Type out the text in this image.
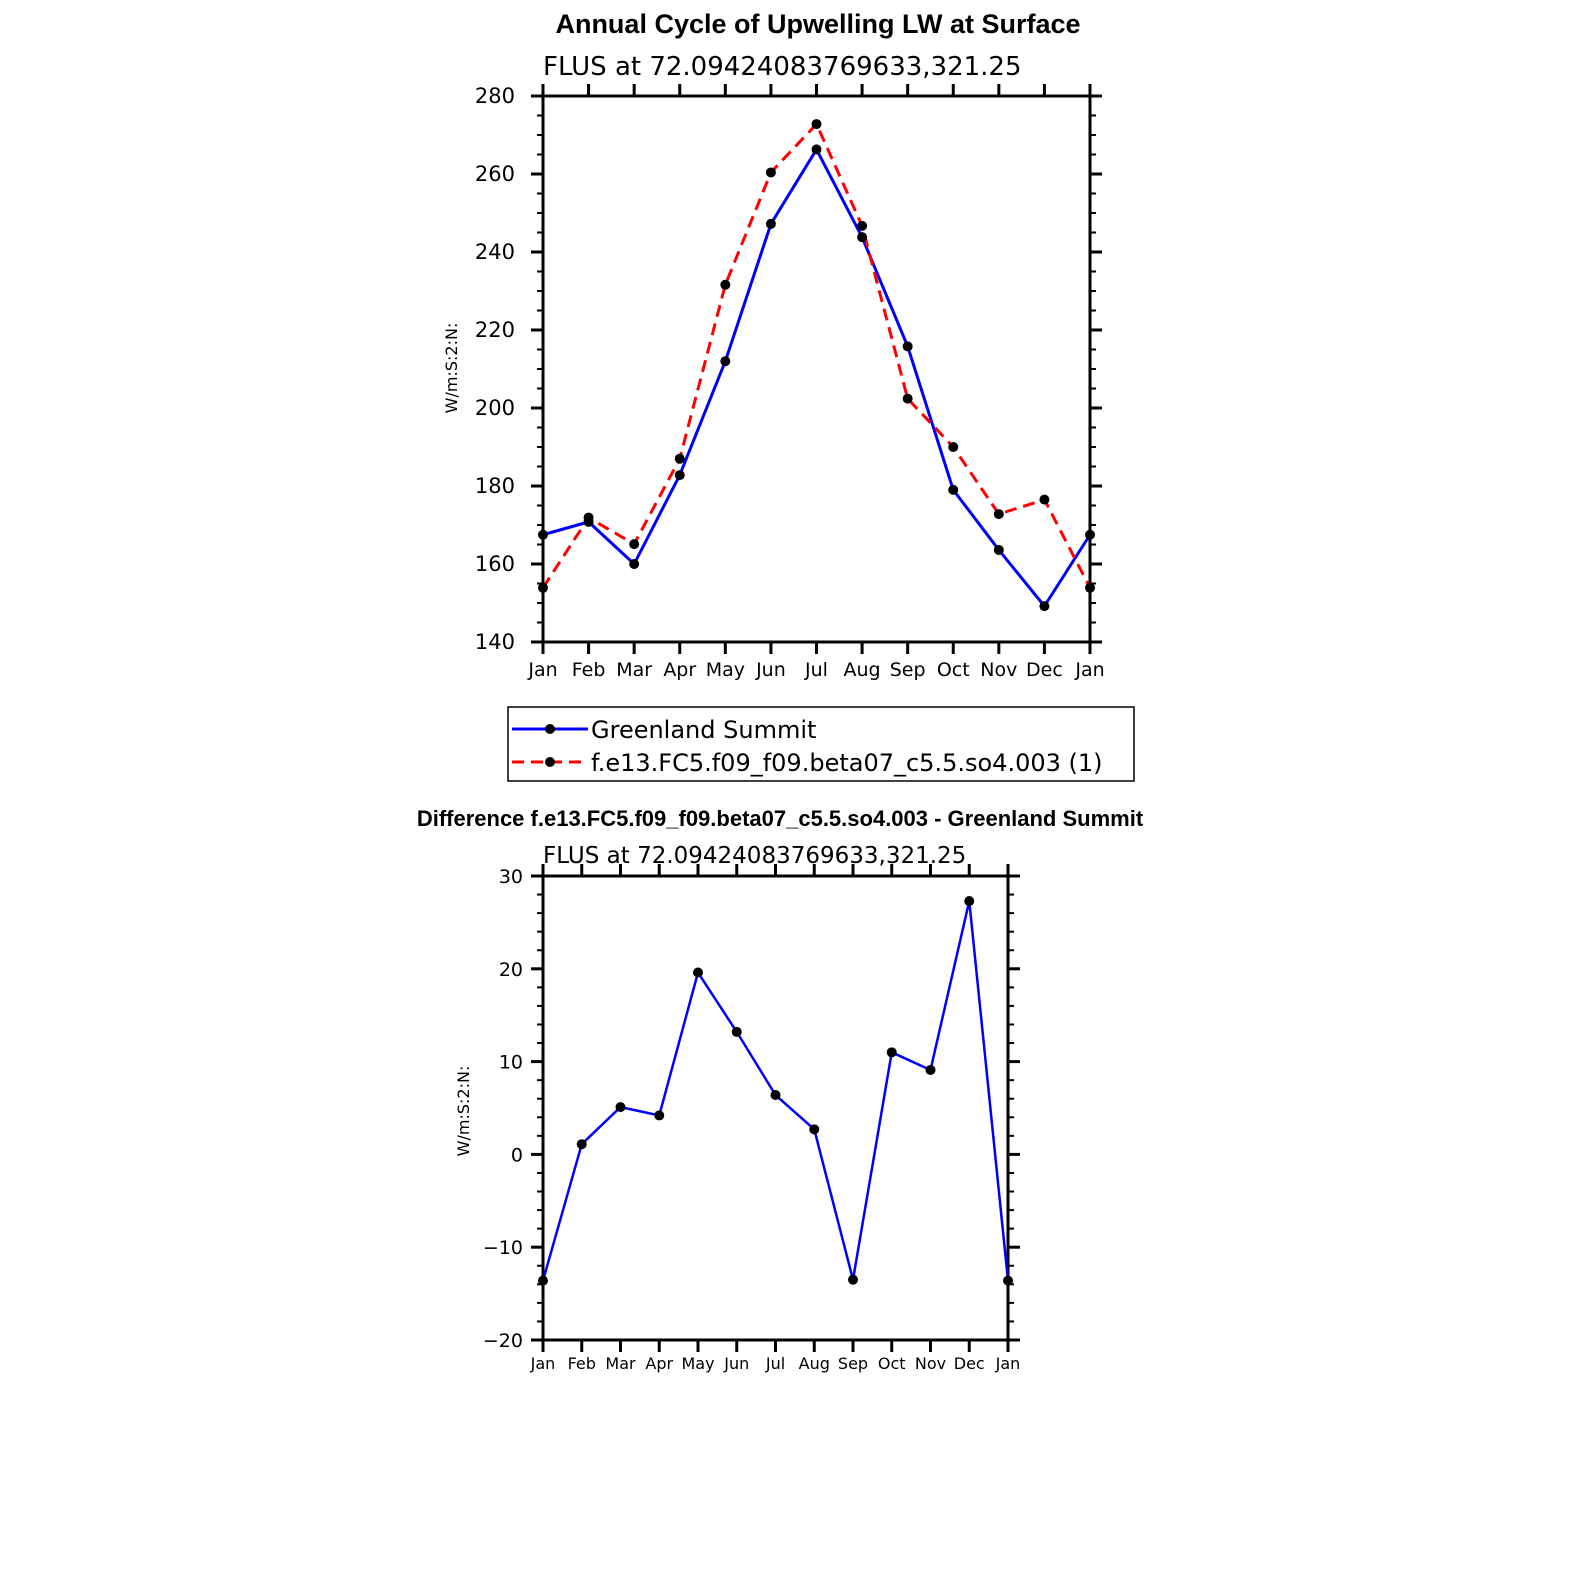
Annual Cycle of Upwelling LW at Surface
FLUS at 72.09424083769633,321.25
W/m:S:2:N:
140
160
180
200
220
240
260
280
Jan Feb Mar Apr May Jun Jul Aug Sep Oct Nov Dec Jan
Greenland Summit
f.e13.FC5.f09_f09.beta07_c5.5.so4.003 (1)
Difference f.e13.FC5.f09_f09.beta07_c5.5.so4.003 - Greenland Summit
FLUS at 72.09424083769633,321.25
W/m:S:2:N:
−20
−10
0
10
20
30
Jan Feb Mar Apr May Jun Jul Aug Sep Oct Nov Dec Jan
